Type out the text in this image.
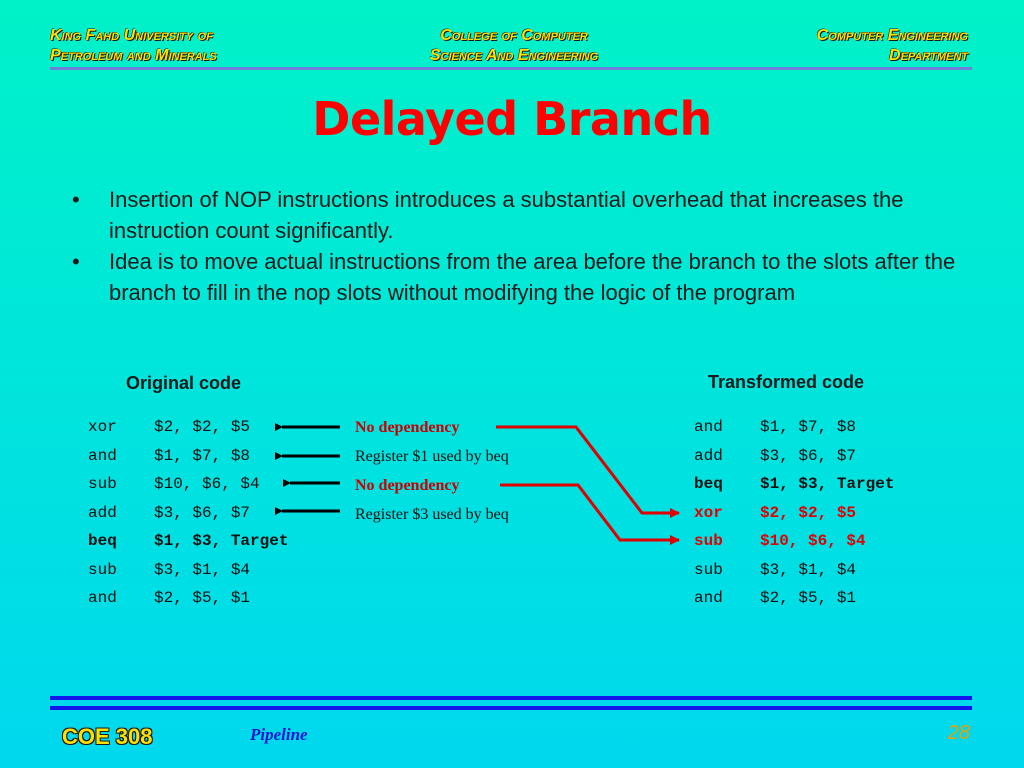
King Fahd University of
Petroleum and Minerals
College of Computer
Science And Engineering
Computer Engineering
Department
Delayed Branch
• Insertion of NOP instructions introduces a substantial overhead that increases the instruction count significantly.
• Idea is to move actual instructions from the area before the branch to the slots after the branch to fill in the nop slots without modifying the logic of the program
Original code	Transformed code
xor $2, $2, $5
and $1, $7, $8
sub $10, $6, $4
add $3, $6, $7
beq $1, $3, Target
sub $3, $1, $4
and $2, $5, $1
and $1, $7, $8
add $3, $6, $7
beq $1, $3, Target
xor $2, $2, $5
sub $10, $6, $4
sub $3, $1, $4
and $2, $5, $1
No dependency
Register $1 used by beq
No dependency
Register $3 used by beq
COE 308	Pipeline	28
